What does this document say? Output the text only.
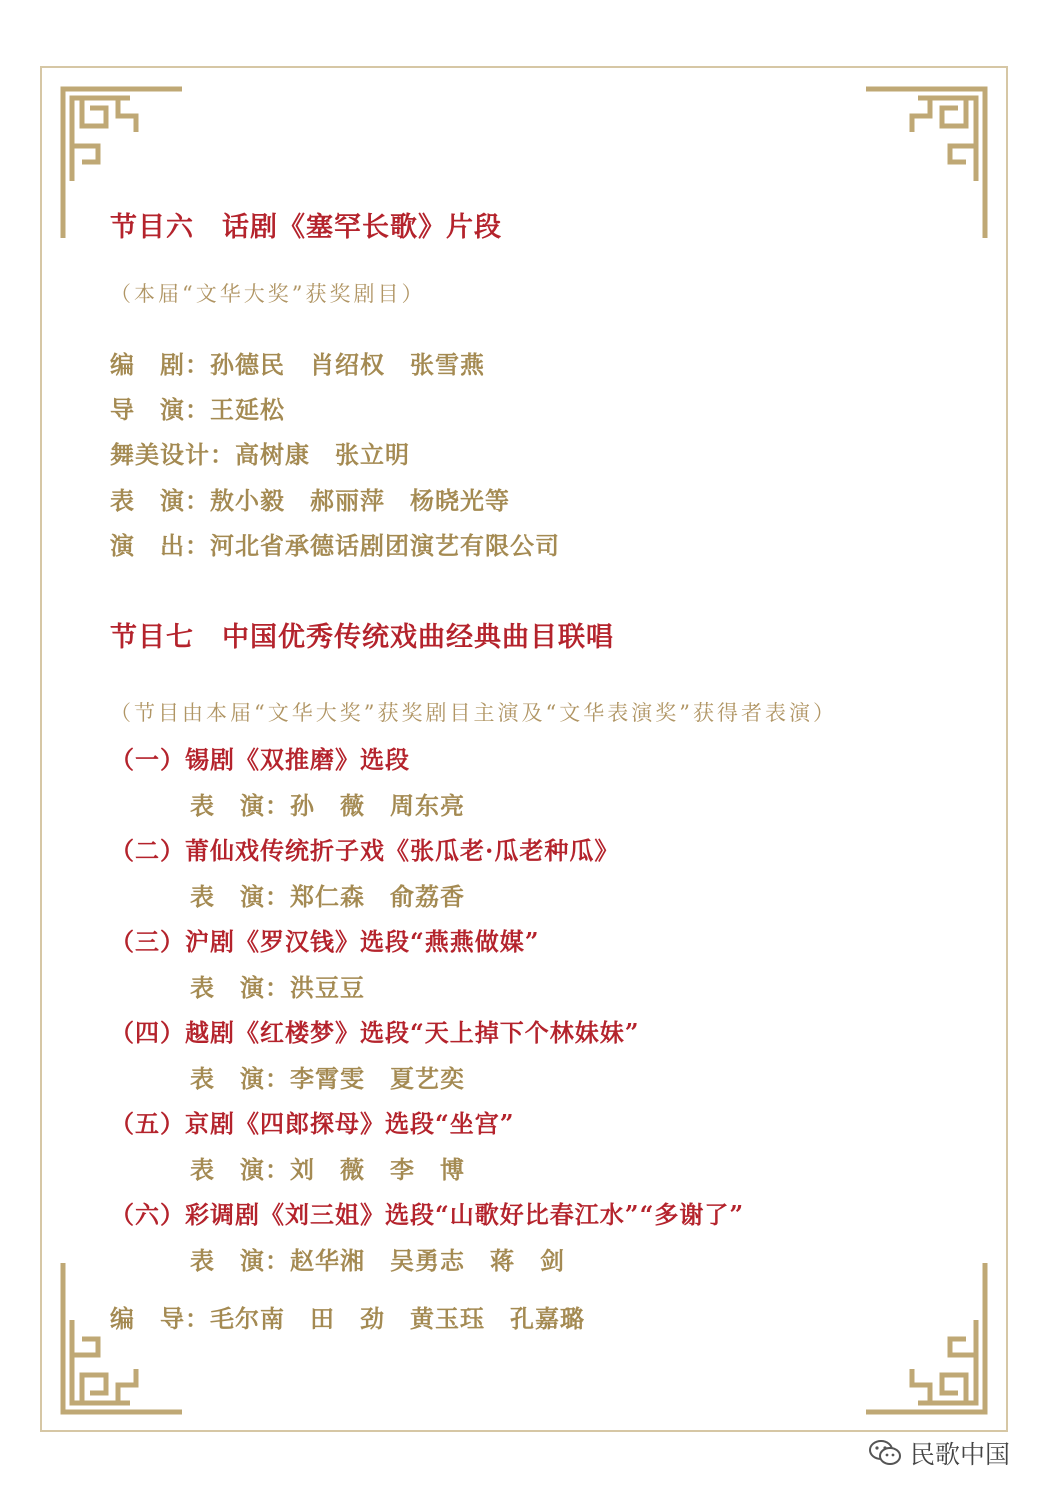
节目六　话剧《塞罕长歌》片段
（本届“文华大奖”获奖剧目）
编　剧：孙德民　肖绍权　张雪燕
导　演：王延松
舞美设计：高树康　张立明
表　演：敖小毅　郝丽萍　杨晓光等
演　出：河北省承德话剧团演艺有限公司
节目七　中国优秀传统戏曲经典曲目联唱
（节目由本届“文华大奖”获奖剧目主演及“文华表演奖”获得者表演）
（一）锡剧《双推磨》选段
表　演：孙　薇　周东亮
（二）莆仙戏传统折子戏《张瓜老·瓜老种瓜》
表　演：郑仁森　俞荔香
（三）沪剧《罗汉钱》选段“燕燕做媒”
表　演：洪豆豆
（四）越剧《红楼梦》选段“天上掉下个林妹妹”
表　演：李霄雯　夏艺奕
（五）京剧《四郎探母》选段“坐宫”
表　演：刘　薇　李　博
（六）彩调剧《刘三姐》选段“山歌好比春江水”“多谢了”
表　演：赵华湘　吴勇志　蒋　剑
编　导：毛尔南　田　劲　黄玉珏　孔嘉璐
民歌中国
